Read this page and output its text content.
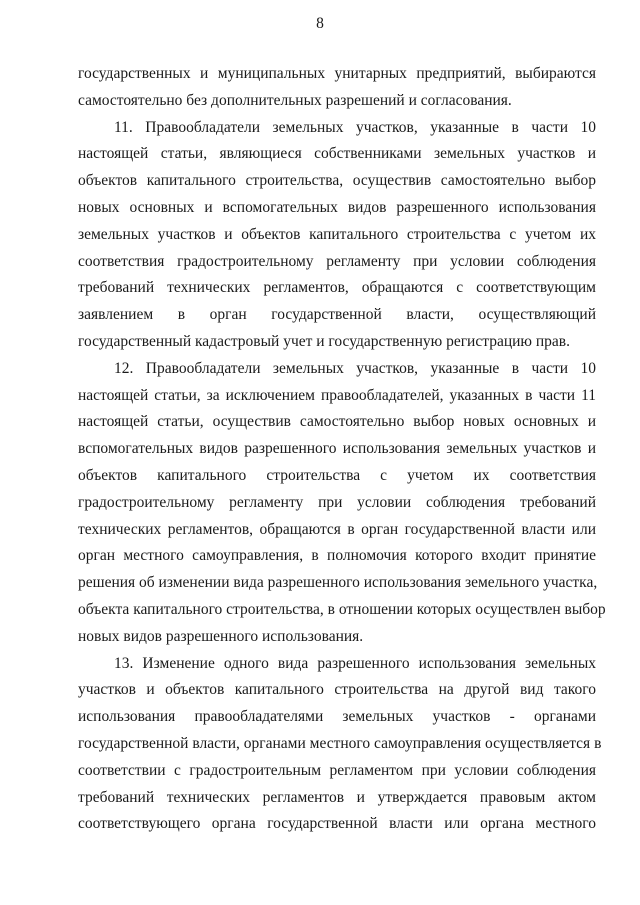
8
государственных и муниципальных унитарных предприятий, выбираются
самостоятельно без дополнительных разрешений и согласования.
11. Правообладатели земельных участков, указанные в части 10
настоящей статьи, являющиеся собственниками земельных участков и
объектов капитального строительства, осуществив самостоятельно выбор
новых основных и вспомогательных видов разрешенного использования
земельных участков и объектов капитального строительства с учетом их
соответствия градостроительному регламенту при условии соблюдения
требований технических регламентов, обращаются с соответствующим
заявлением в орган государственной власти, осуществляющий
государственный кадастровый учет и государственную регистрацию прав.
12. Правообладатели земельных участков, указанные в части 10
настоящей статьи, за исключением правообладателей, указанных в части 11
настоящей статьи, осуществив самостоятельно выбор новых основных и
вспомогательных видов разрешенного использования земельных участков и
объектов капитального строительства с учетом их соответствия
градостроительному регламенту при условии соблюдения требований
технических регламентов, обращаются в орган государственной власти или
орган местного самоуправления, в полномочия которого входит принятие
решения об изменении вида разрешенного использования земельного участка,
объекта капитального строительства, в отношении которых осуществлен выбор
новых видов разрешенного использования.
13. Изменение одного вида разрешенного использования земельных
участков и объектов капитального строительства на другой вид такого
использования правообладателями земельных участков - органами
государственной власти, органами местного самоуправления осуществляется в
соответствии с градостроительным регламентом при условии соблюдения
требований технических регламентов и утверждается правовым актом
соответствующего органа государственной власти или органа местного
